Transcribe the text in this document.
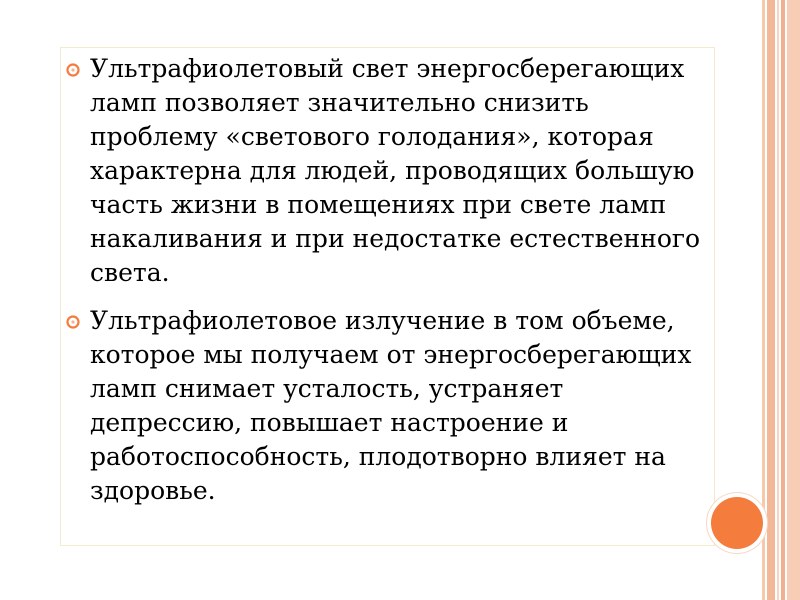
Ультрафиолетовый свет энергосберегающих ламп позволяет значительно снизить проблему «светового голодания», которая характерна для людей, проводящих большую часть жизни в помещениях при свете ламп накаливания и при недостатке естественного света.
Ультрафиолетовое излучение в том объеме, которое мы получаем от энергосберегающих ламп снимает усталость, устраняет депрессию, повышает настроение и работоспособность, плодотворно влияет на здоровье.
